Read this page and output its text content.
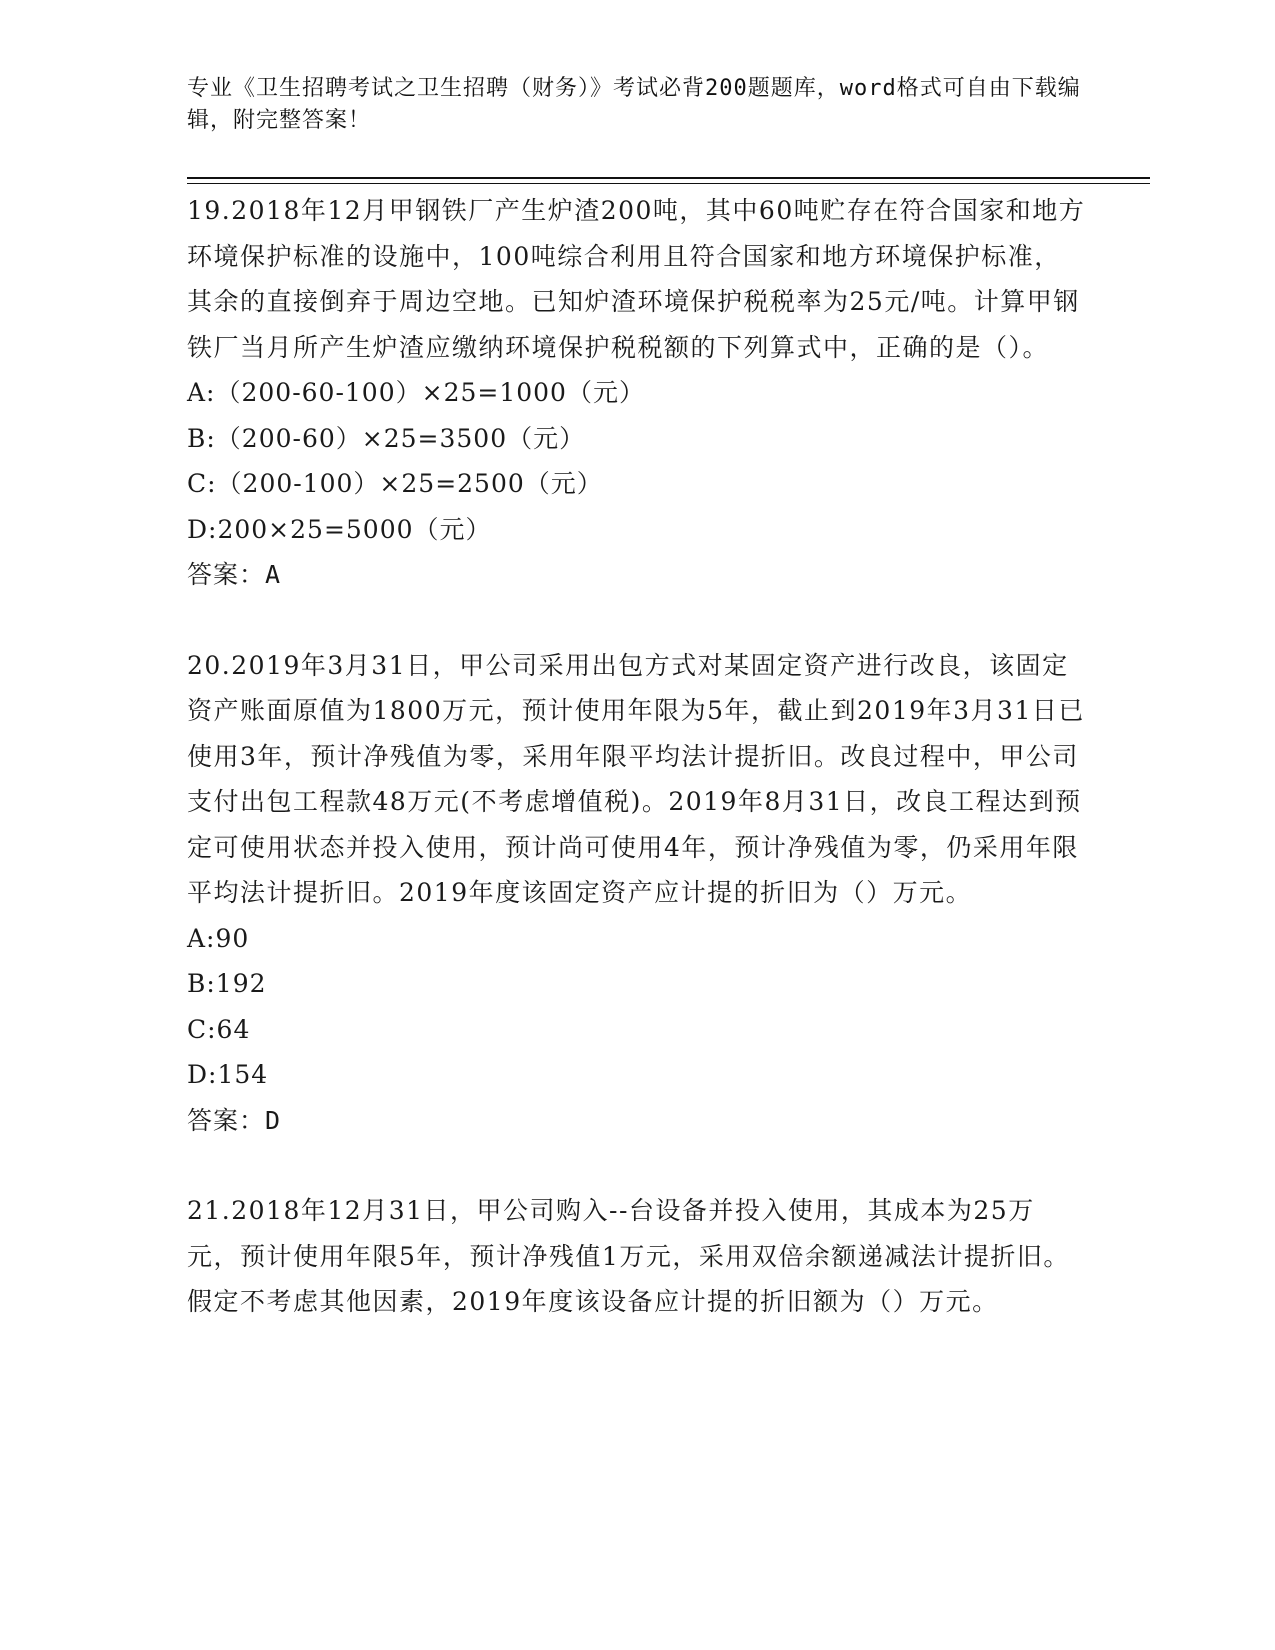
专业《卫生招聘考试之卫生招聘（财务）》考试必背200题题库，word格式可自由下载编辑，附完整答案！

19.2018年12月甲钢铁厂产生炉渣200吨，其中60吨贮存在符合国家和地方环境保护标准的设施中，100吨综合利用且符合国家和地方环境保护标准，其余的直接倒弃于周边空地。已知炉渣环境保护税税率为25元/吨。计算甲钢铁厂当月所产生炉渣应缴纳环境保护税税额的下列算式中，正确的是（）。

A:（200-60-100）×25=1000（元）

B:（200-60）×25=3500（元）

C:（200-100）×25=2500（元）

D:200×25=5000（元）

答案：A

20.2019年3月31日，甲公司采用出包方式对某固定资产进行改良，该固定资产账面原值为1800万元，预计使用年限为5年，截止到2019年3月31日已使用3年，预计净残值为零，采用年限平均法计提折旧。改良过程中，甲公司支付出包工程款48万元(不考虑增值税)。2019年8月31日，改良工程达到预定可使用状态并投入使用，预计尚可使用4年，预计净残值为零，仍采用年限平均法计提折旧。2019年度该固定资产应计提的折旧为（）万元。

A:90

B:192

C:64

D:154

答案：D

21.2018年12月31日，甲公司购入--台设备并投入使用，其成本为25万元，预计使用年限5年，预计净残值1万元，采用双倍余额递减法计提折旧。假定不考虑其他因素，2019年度该设备应计提的折旧额为（）万元。
